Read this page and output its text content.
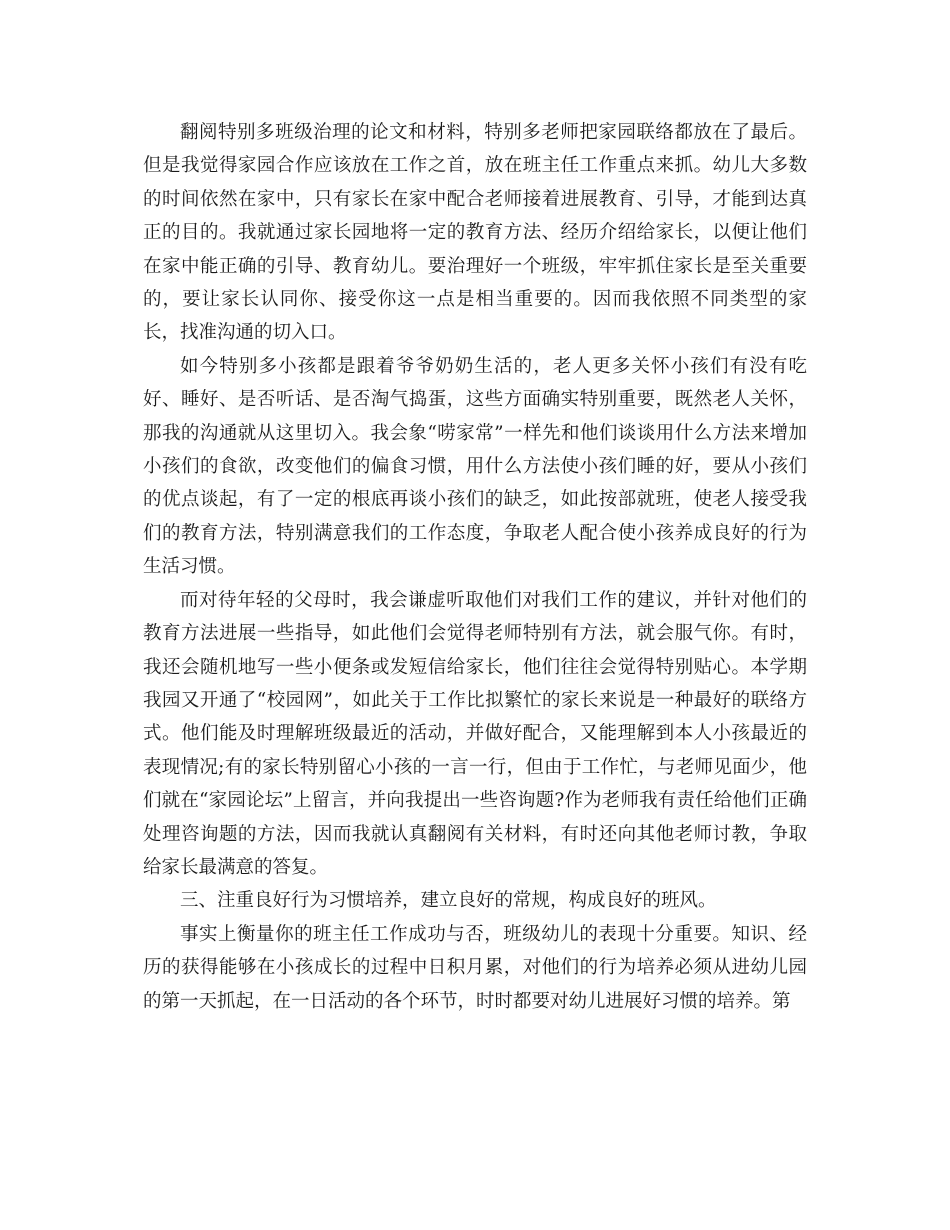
翻阅特别多班级治理的论文和材料，特别多老师把家园联络都放在了最后。但是我觉得家园合作应该放在工作之首，放在班主任工作重点来抓。幼儿大多数的时间依然在家中，只有家长在家中配合老师接着进展教育、引导，才能到达真正的目的。我就通过家长园地将一定的教育方法、经历介绍给家长，以便让他们在家中能正确的引导、教育幼儿。要治理好一个班级，牢牢抓住家长是至关重要的，要让家长认同你、接受你这一点是相当重要的。因而我依照不同类型的家长，找准沟通的切入口。

如今特别多小孩都是跟着爷爷奶奶生活的，老人更多关怀小孩们有没有吃好、睡好、是否听话、是否淘气捣蛋，这些方面确实特别重要，既然老人关怀，那我的沟通就从这里切入。我会象“唠家常”一样先和他们谈谈用什么方法来增加小孩们的食欲，改变他们的偏食习惯，用什么方法使小孩们睡的好，要从小孩们的优点谈起，有了一定的根底再谈小孩们的缺乏，如此按部就班，使老人接受我们的教育方法，特别满意我们的工作态度，争取老人配合使小孩养成良好的行为生活习惯。

而对待年轻的父母时，我会谦虚听取他们对我们工作的建议，并针对他们的教育方法进展一些指导，如此他们会觉得老师特别有方法，就会服气你。有时，我还会随机地写一些小便条或发短信给家长，他们往往会觉得特别贴心。本学期我园又开通了“校园网”，如此关于工作比拟繁忙的家长来说是一种最好的联络方式。他们能及时理解班级最近的活动，并做好配合，又能理解到本人小孩最近的表现情况;有的家长特别留心小孩的一言一行，但由于工作忙，与老师见面少，他们就在“家园论坛”上留言，并向我提出一些咨询题?作为老师我有责任给他们正确处理咨询题的方法，因而我就认真翻阅有关材料，有时还向其他老师讨教，争取给家长最满意的答复。

三、注重良好行为习惯培养，建立良好的常规，构成良好的班风。

事实上衡量你的班主任工作成功与否，班级幼儿的表现十分重要。知识、经历的获得能够在小孩成长的过程中日积月累，对他们的行为培养必须从进幼儿园的第一天抓起，在一日活动的各个环节，时时都要对幼儿进展好习惯的培养。第
